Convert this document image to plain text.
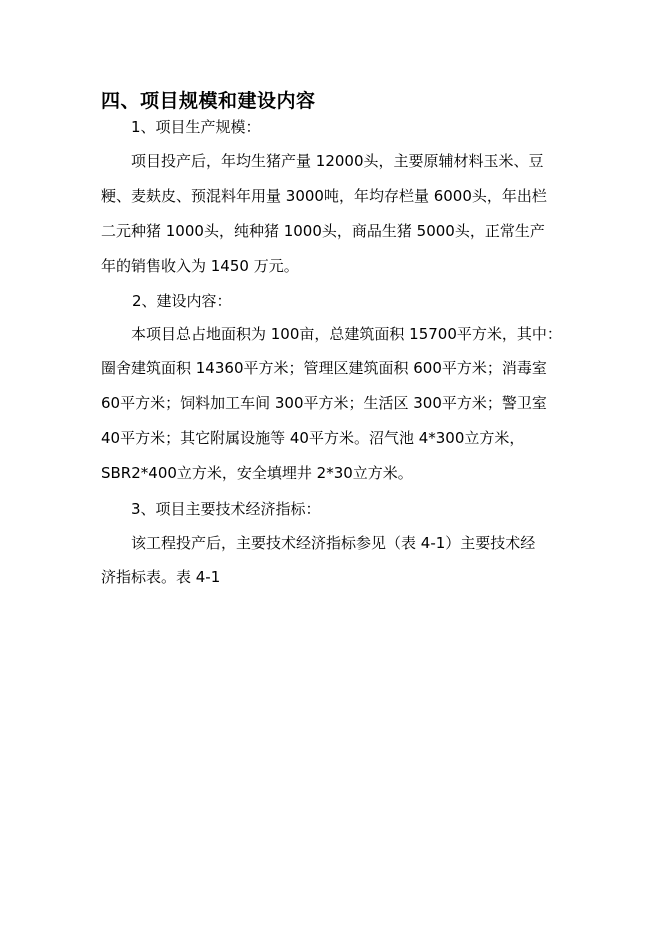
四、项目规模和建设内容
1、项目生产规模：
项目投产后，年均生猪产量 12000头，主要原辅材料玉米、豆
粳、麦麸皮、预混料年用量 3000吨，年均存栏量 6000头，年出栏
二元种猪 1000头，纯种猪 1000头，商品生猪 5000头，正常生产
年的销售收入为 1450 万元。
2、建设内容：
本项目总占地面积为 100亩，总建筑面积 15700平方米，其中：
圈舍建筑面积 14360平方米；管理区建筑面积 600平方米；消毒室
60平方米；饲料加工车间 300平方米；生活区 300平方米；警卫室
40平方米；其它附属设施等 40平方米。沼气池 4*300立方米，
SBR2*400立方米，安全填埋井 2*30立方米。
3、项目主要技术经济指标：
该工程投产后，主要技术经济指标参见（表 4-1）主要技术经
济指标表。表 4-1
